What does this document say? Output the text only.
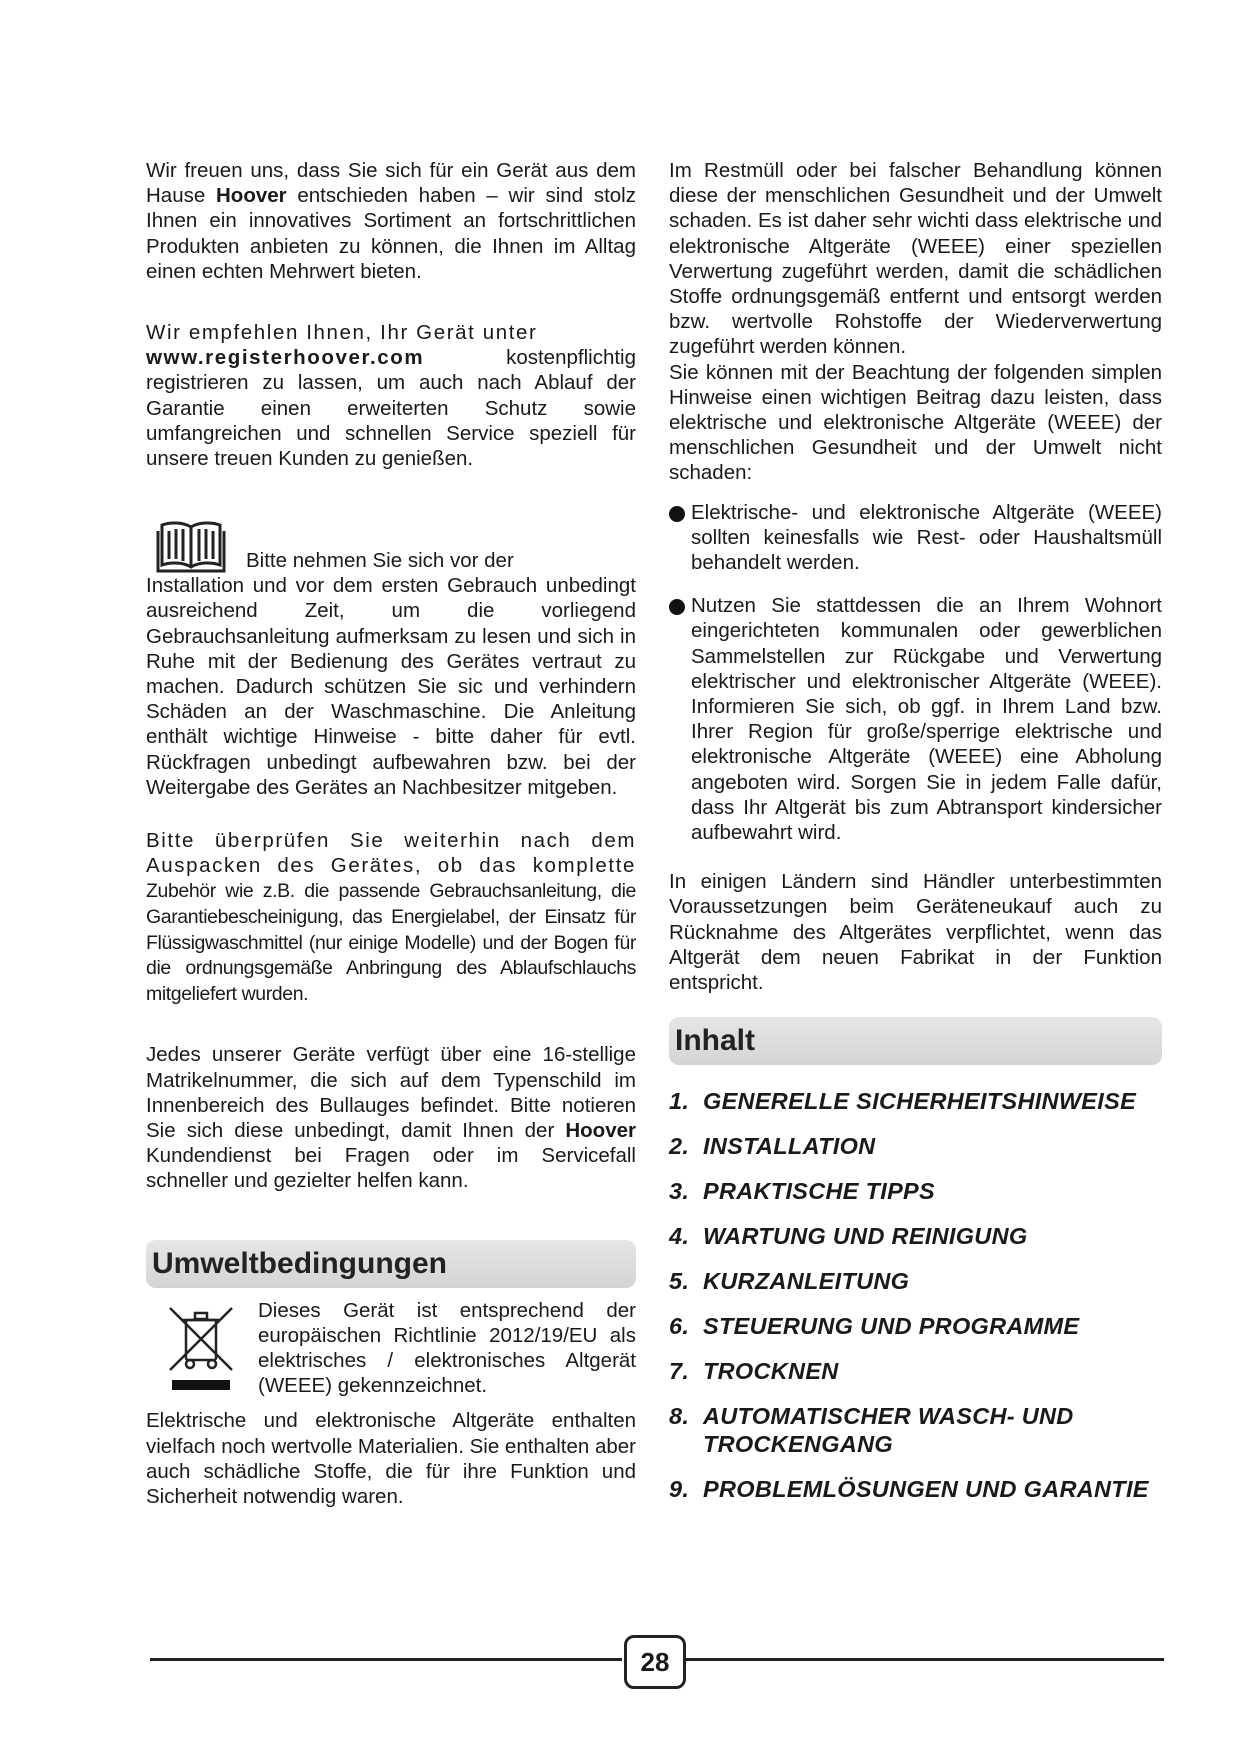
Wir freuen uns, dass Sie sich für ein Gerät aus dem Hause Hoover entschieden haben – wir sind stolz Ihnen ein innovatives Sortiment an fortschrittlichen Produkten anbieten zu können, die Ihnen im Alltag einen echten Mehrwert bieten.

Wir empfehlen Ihnen, Ihr Gerät unter
www.registerhoover.com kostenpflichtig registrieren zu lassen, um auch nach Ablauf der Garantie einen erweiterten Schutz sowie umfangreichen und schnellen Service speziell für unsere treuen Kunden zu genießen.

Bitte nehmen Sie sich vor der

Installation und vor dem ersten Gebrauch unbedingt ausreichend Zeit, um die vorliegend Gebrauchsanleitung aufmerksam zu lesen und sich in Ruhe mit der Bedienung des Gerätes vertraut zu machen. Dadurch schützen Sie sic und verhindern Schäden an der Waschmaschine. Die Anleitung enthält wichtige Hinweise - bitte daher für evtl. Rückfragen unbedingt aufbewahren bzw. bei der Weitergabe des Gerätes an Nachbesitzer mitgeben.

Bitte überprüfen Sie weiterhin nach dem Auspacken des Gerätes, ob das komplette Zubehör wie z.B. die passende Gebrauchsanleitung, die Garantiebescheinigung, das Energielabel, der Einsatz für Flüssigwaschmittel (nur einige Modelle) und der Bogen für die ordnungsgemäße Anbringung des Ablaufschlauchs mitgeliefert wurden.

Jedes unserer Geräte verfügt über eine 16-stellige Matrikelnummer, die sich auf dem Typenschild im Innenbereich des Bullauges befindet. Bitte notieren Sie sich diese unbedingt, damit Ihnen der Hoover Kundendienst bei Fragen oder im Servicefall schneller und gezielter helfen kann.

Umweltbedingungen

Dieses Gerät ist entsprechend der europäischen Richtlinie 2012/19/EU als elektrisches / elektronisches Altgerät (WEEE) gekennzeichnet.

Elektrische und elektronische Altgeräte enthalten vielfach noch wertvolle Materialien. Sie enthalten aber auch schädliche Stoffe, die für ihre Funktion und Sicherheit notwendig waren.

Im Restmüll oder bei falscher Behandlung können diese der menschlichen Gesundheit und der Umwelt schaden. Es ist daher sehr wichti dass elektrische und elektronische Altgeräte (WEEE) einer speziellen Verwertung zugeführt werden, damit die schädlichen Stoffe ordnungsgemäß entfernt und entsorgt werden bzw. wertvolle Rohstoffe der Wiederverwertung zugeführt werden können.

Sie können mit der Beachtung der folgenden simplen Hinweise einen wichtigen Beitrag dazu leisten, dass elektrische und elektronische Altgeräte (WEEE) der menschlichen Gesundheit und der Umwelt nicht schaden:

Elektrische- und elektronische Altgeräte (WEEE) sollten keinesfalls wie Rest- oder Haushaltsmüll behandelt werden.

Nutzen Sie stattdessen die an Ihrem Wohnort eingerichteten kommunalen oder gewerblichen Sammelstellen zur Rückgabe und Verwertung elektrischer und elektronischer Altgeräte (WEEE). Informieren Sie sich, ob ggf. in Ihrem Land bzw. Ihrer Region für große/sperrige elektrische und elektronische Altgeräte (WEEE) eine Abholung angeboten wird. Sorgen Sie in jedem Falle dafür, dass Ihr Altgerät bis zum Abtransport kindersicher aufbewahrt wird.

In einigen Ländern sind Händler unterbestimmten Voraussetzungen beim Geräteneukauf auch zu Rücknahme des Altgerätes verpflichtet, wenn das Altgerät dem neuen Fabrikat in der Funktion entspricht.

Inhalt
1. GENERELLE SICHERHEITSHINWEISE
2. INSTALLATION
3. PRAKTISCHE TIPPS
4. WARTUNG UND REINIGUNG
5. KURZANLEITUNG
6. STEUERUNG UND PROGRAMME
7. TROCKNEN
8. AUTOMATISCHER WASCH- UND TROCKENGANG
9. PROBLEMLÖSUNGEN UND GARANTIE
28
